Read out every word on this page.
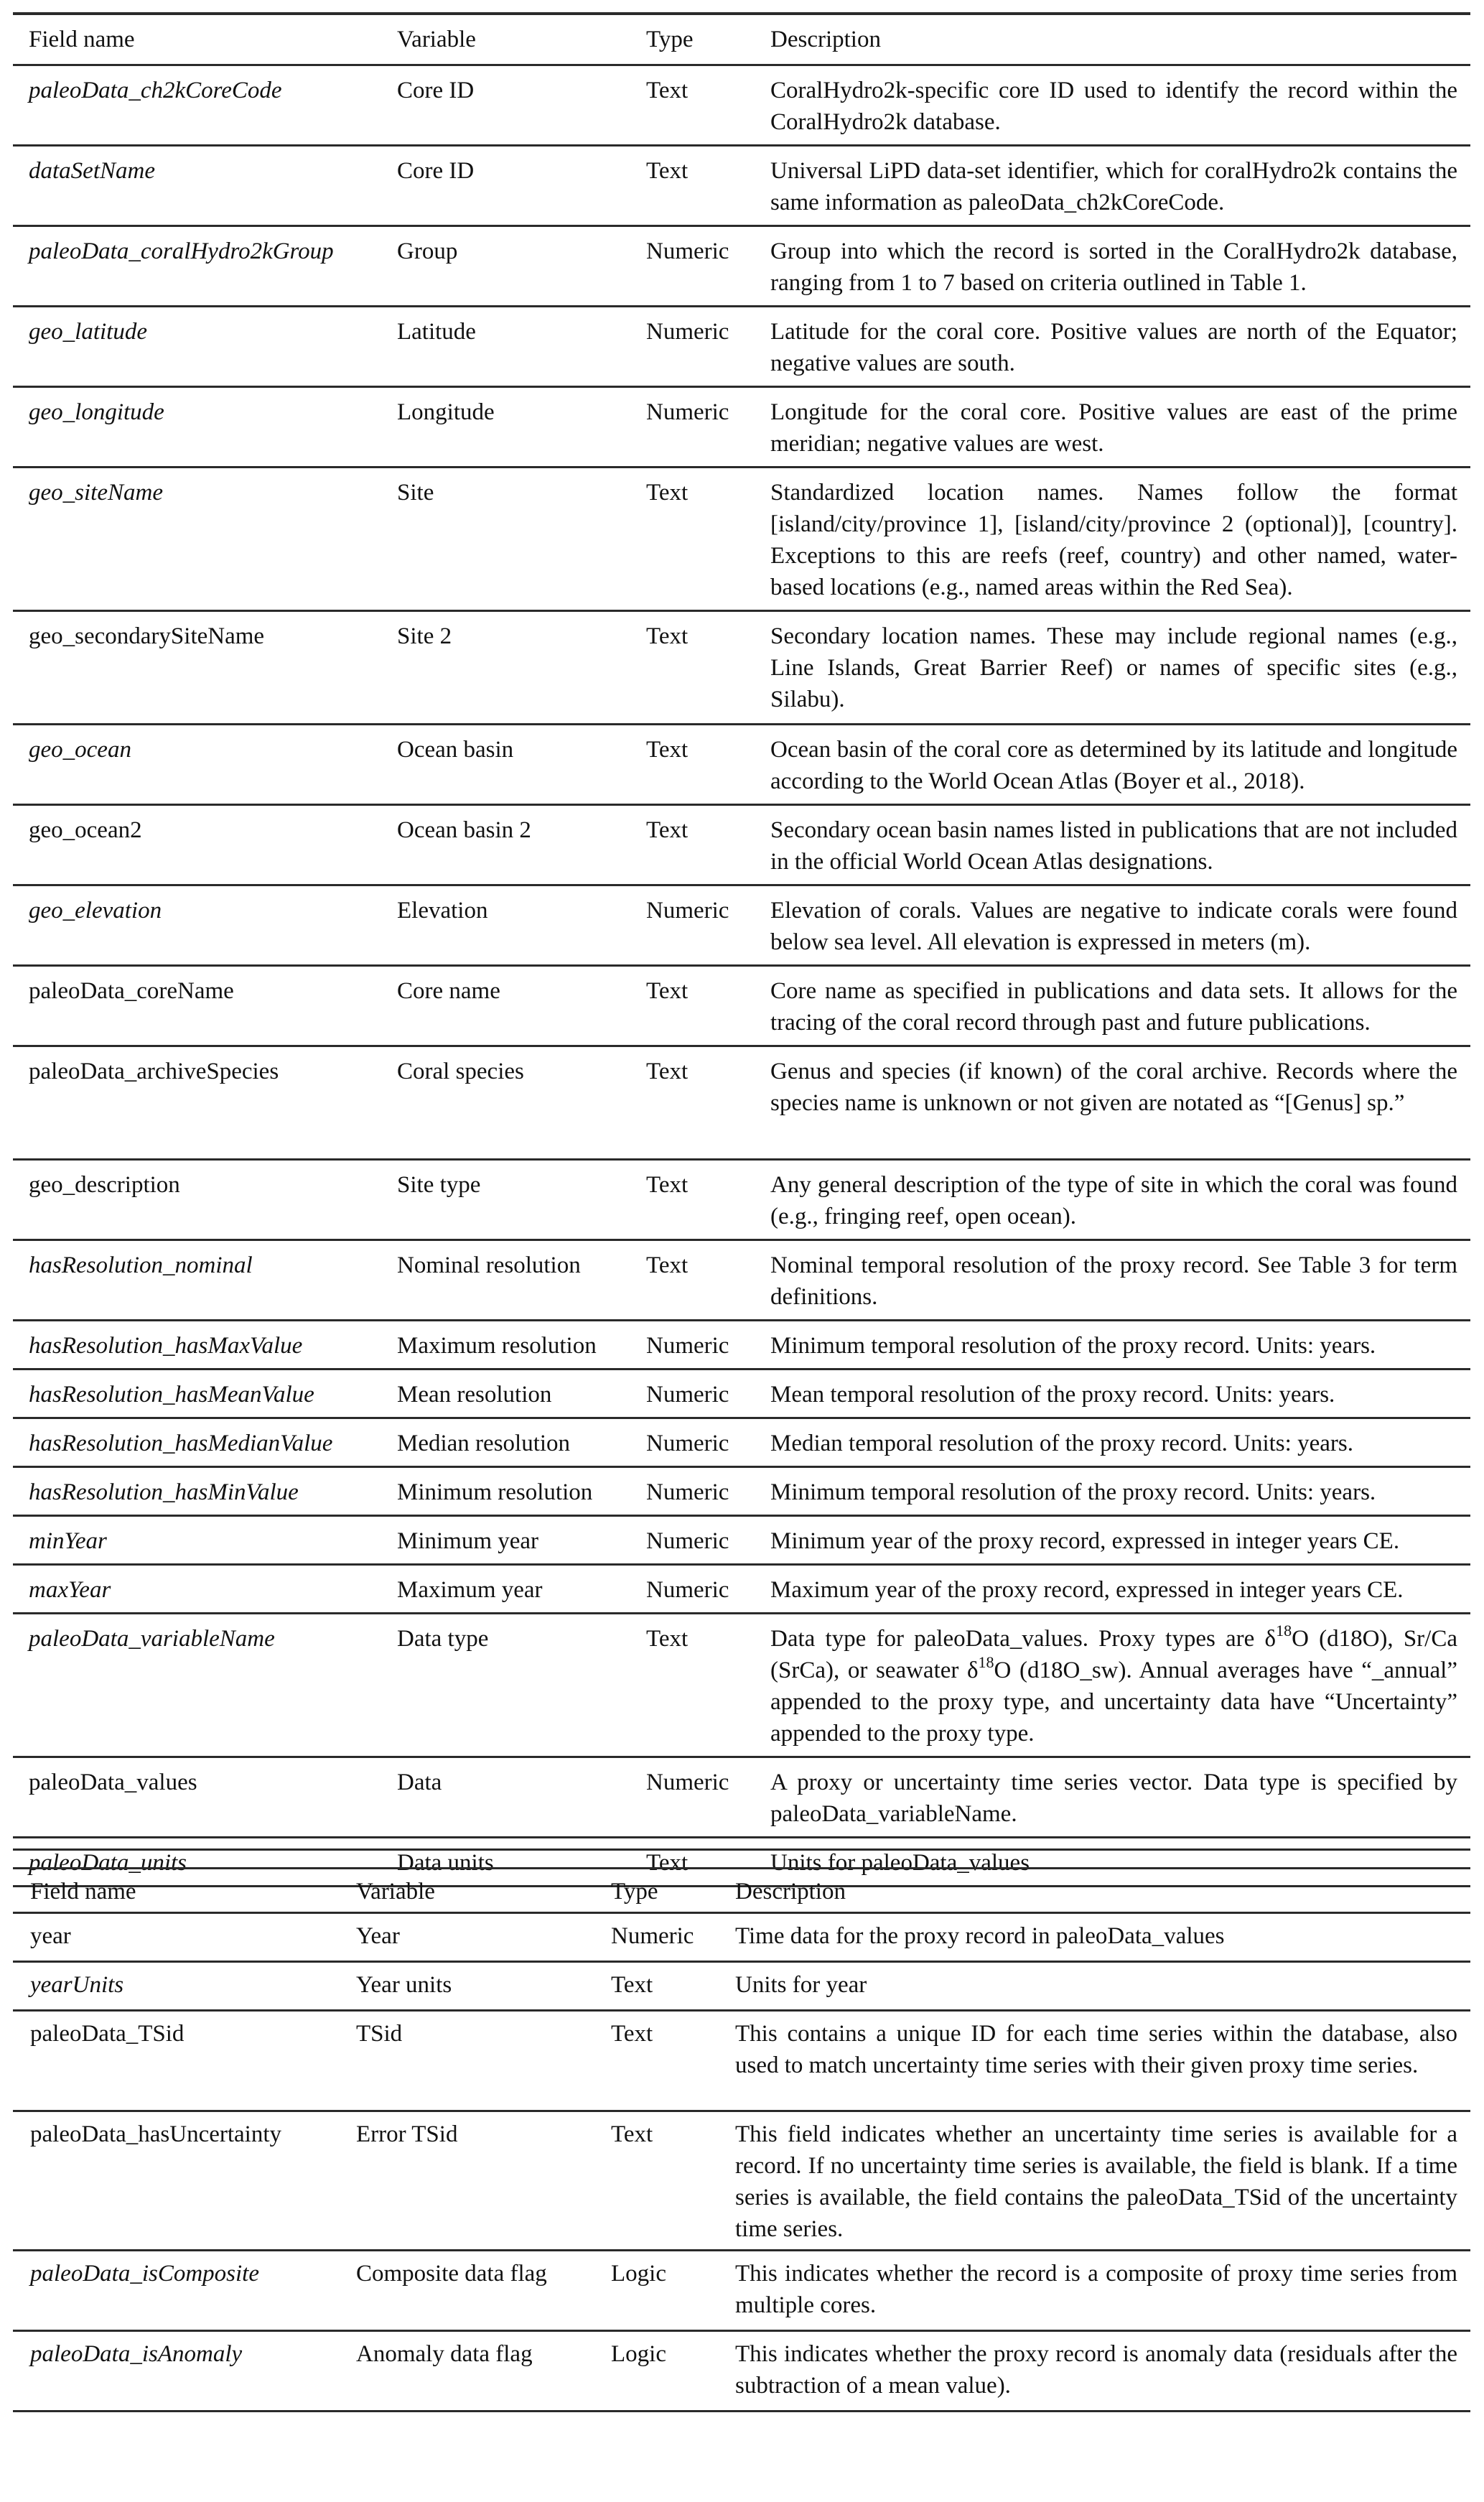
Field name	Variable	Type	Description
paleoData_ch2kCoreCode	Core ID	Text	CoralHydro2k-specific core ID used to identify the record within the CoralHydro2k database.
dataSetName	Core ID	Text	Universal LiPD data-set identifier, which for coralHydro2k contains the same information as paleoData_ch2kCoreCode.
paleoData_coralHydro2kGroup	Group	Numeric	Group into which the record is sorted in the CoralHydro2k database, ranging from 1 to 7 based on criteria outlined in Table 1.
geo_latitude	Latitude	Numeric	Latitude for the coral core. Positive values are north of the Equator; negative values are south.
geo_longitude	Longitude	Numeric	Longitude for the coral core. Positive values are east of the prime meridian; negative values are west.
geo_siteName	Site	Text	Standardized location names. Names follow the format [island/city/province 1], [island/city/province 2 (optional)], [country]. Exceptions to this are reefs (reef, country) and other named, water-based locations (e.g., named areas within the Red Sea).
geo_secondarySiteName	Site 2	Text	Secondary location names. These may include regional names (e.g., Line Islands, Great Barrier Reef) or names of specific sites (e.g., Silabu).
geo_ocean	Ocean basin	Text	Ocean basin of the coral core as determined by its latitude and longitude according to the World Ocean Atlas (Boyer et al., 2018).
geo_ocean2	Ocean basin 2	Text	Secondary ocean basin names listed in publications that are not included in the official World Ocean Atlas designations.
geo_elevation	Elevation	Numeric	Elevation of corals. Values are negative to indicate corals were found below sea level. All elevation is expressed in meters (m).
paleoData_coreName	Core name	Text	Core name as specified in publications and data sets. It allows for the tracing of the coral record through past and future publications.
paleoData_archiveSpecies	Coral species	Text	Genus and species (if known) of the coral archive. Records where the species name is unknown or not given are notated as “[Genus] sp.”
geo_description	Site type	Text	Any general description of the type of site in which the coral was found (e.g., fringing reef, open ocean).
hasResolution_nominal	Nominal resolution	Text	Nominal temporal resolution of the proxy record. See Table 3 for term definitions.
hasResolution_hasMaxValue	Maximum resolution	Numeric	Minimum temporal resolution of the proxy record. Units: years.
hasResolution_hasMeanValue	Mean resolution	Numeric	Mean temporal resolution of the proxy record. Units: years.
hasResolution_hasMedianValue	Median resolution	Numeric	Median temporal resolution of the proxy record. Units: years.
hasResolution_hasMinValue	Minimum resolution	Numeric	Minimum temporal resolution of the proxy record. Units: years.
minYear	Minimum year	Numeric	Minimum year of the proxy record, expressed in integer years CE.
maxYear	Maximum year	Numeric	Maximum year of the proxy record, expressed in integer years CE.
paleoData_variableName	Data type	Text	Data type for paleoData_values. Proxy types are $\delta^{18}O$ (d18O), Sr/Ca (SrCa), or seawater $\delta^{18}O$ (d18O_sw). Annual averages have “_annual” appended to the proxy type, and uncertainty data have “Uncertainty” appended to the proxy type.
paleoData_values	Data	Numeric	A proxy or uncertainty time series vector. Data type is specified by paleoData_variableName.
paleoData_units	Data units	Text	Units for paleoData_values
Field name	Variable	Type	Description
year	Year	Numeric	Time data for the proxy record in paleoData_values
yearUnits	Year units	Text	Units for year
paleoData_TSid	TSid	Text	This contains a unique ID for each time series within the database, also used to match uncertainty time series with their given proxy time series.
paleoData_hasUncertainty	Error TSid	Text	This field indicates whether an uncertainty time series is available for a record. If no uncertainty time series is available, the field is blank. If a time series is available, the field contains the paleoData_TSid of the uncertainty time series.
paleoData_isComposite	Composite data flag	Logic	This indicates whether the record is a composite of proxy time series from multiple cores.
paleoData_isAnomaly	Anomaly data flag	Logic	This indicates whether the proxy record is anomaly data (residuals after the subtraction of a mean value).
